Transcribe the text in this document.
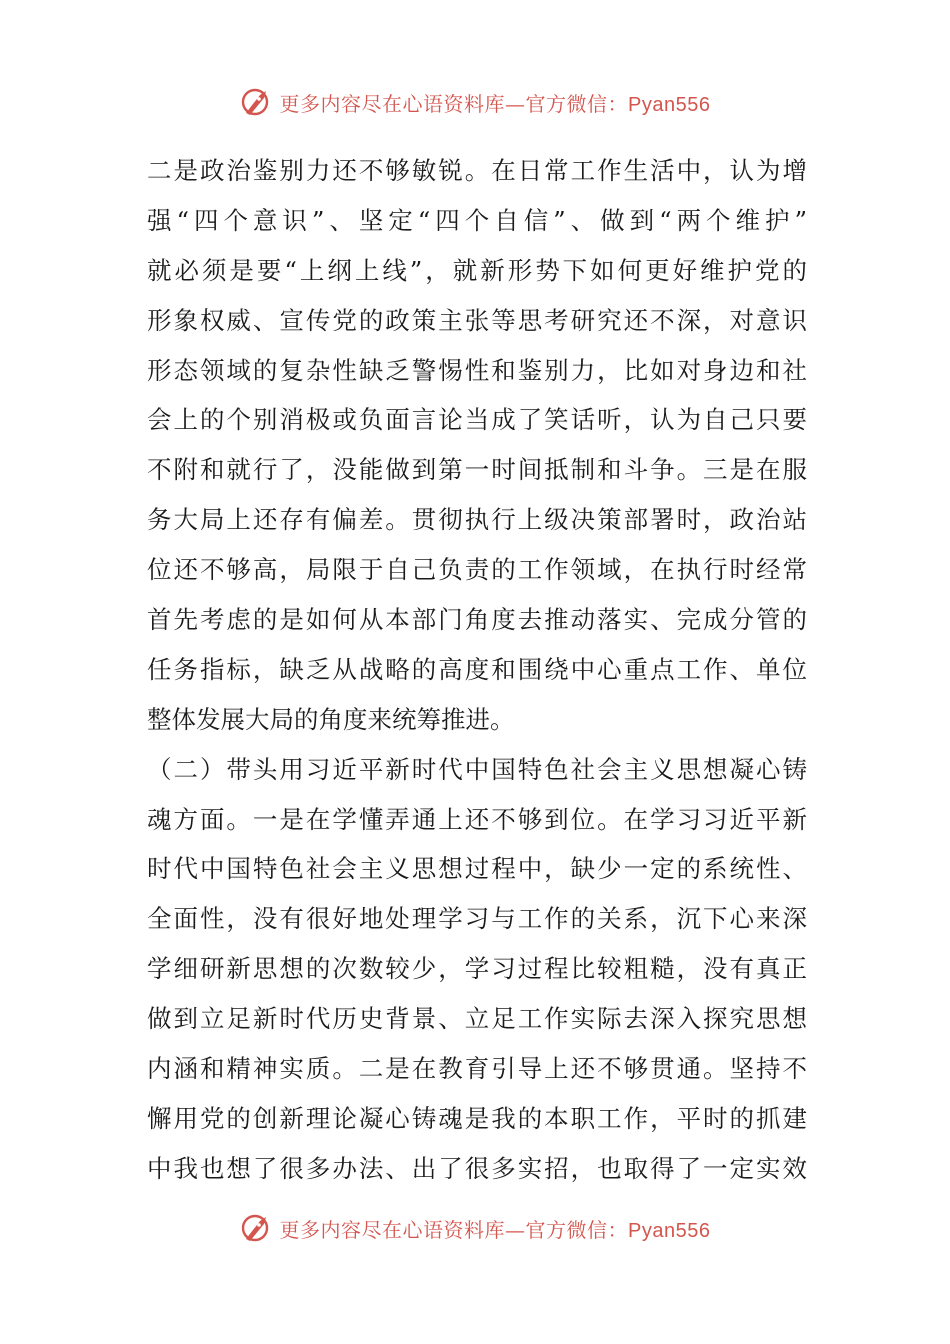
更多内容尽在心语资料库—官方微信：Pyan556
二是政治鉴别力还不够敏锐。在日常工作生活中，认为增
强“四个意识”、坚定“四个自信”、做到“两个维护”
就必须是要“上纲上线”，就新形势下如何更好维护党的
形象权威、宣传党的政策主张等思考研究还不深，对意识
形态领域的复杂性缺乏警惕性和鉴别力，比如对身边和社
会上的个别消极或负面言论当成了笑话听，认为自己只要
不附和就行了，没能做到第一时间抵制和斗争。三是在服
务大局上还存有偏差。贯彻执行上级决策部署时，政治站
位还不够高，局限于自己负责的工作领域，在执行时经常
首先考虑的是如何从本部门角度去推动落实、完成分管的
任务指标，缺乏从战略的高度和围绕中心重点工作、单位
整体发展大局的角度来统筹推进。
（二）带头用习近平新时代中国特色社会主义思想凝心铸
魂方面。一是在学懂弄通上还不够到位。在学习习近平新
时代中国特色社会主义思想过程中，缺少一定的系统性、
全面性，没有很好地处理学习与工作的关系，沉下心来深
学细研新思想的次数较少，学习过程比较粗糙，没有真正
做到立足新时代历史背景、立足工作实际去深入探究思想
内涵和精神实质。二是在教育引导上还不够贯通。坚持不
懈用党的创新理论凝心铸魂是我的本职工作，平时的抓建
中我也想了很多办法、出了很多实招，也取得了一定实效
更多内容尽在心语资料库—官方微信：Pyan556
